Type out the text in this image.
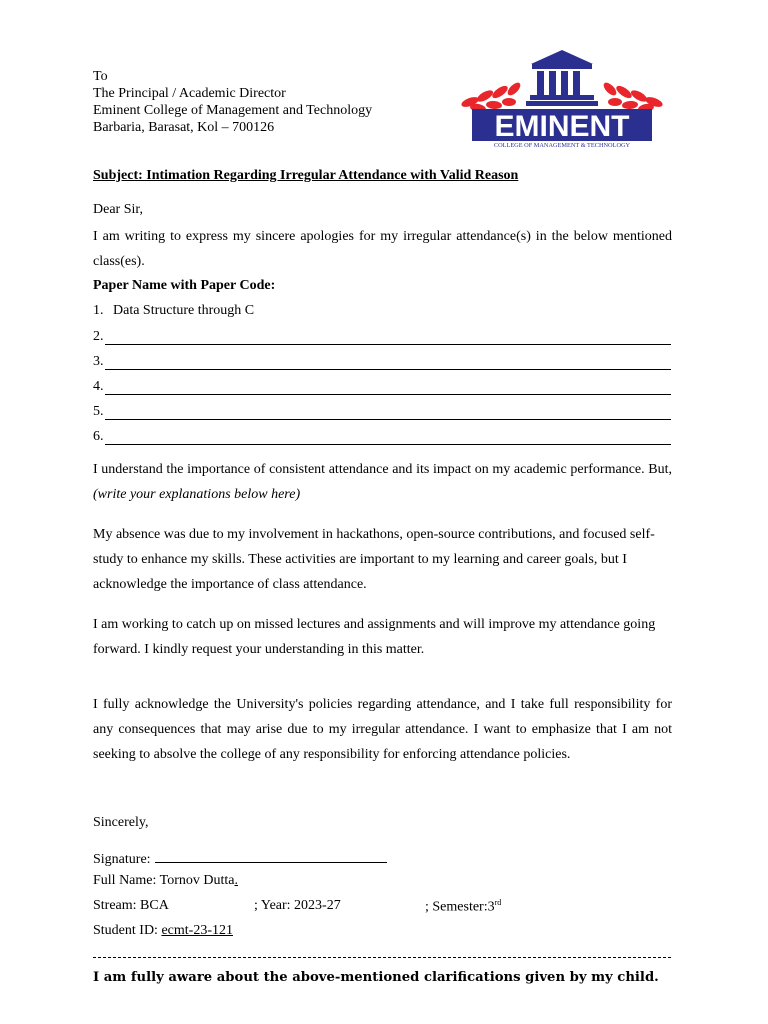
To
The Principal / Academic Director
Eminent College of Management and Technology
Barbaria, Barasat, Kol – 700126	EMINENT
COLLEGE OF MANAGEMENT & TECHNOLOGY
Subject: Intimation Regarding Irregular Attendance with Valid Reason
Dear Sir,
I am writing to express my sincere apologies for my irregular attendance(s) in the below mentioned class(es).
Paper Name with Paper Code:
1. Data Structure through C
2.
3.
4.
5.
6.
I understand the importance of consistent attendance and its impact on my academic performance. But, (write your explanations below here)
My absence was due to my involvement in hackathons, open-source contributions, and focused self-study to enhance my skills. These activities are important to my learning and career goals, but I acknowledge the importance of class attendance.
I am working to catch up on missed lectures and assignments and will improve my attendance going forward. I kindly request your understanding in this matter.
I fully acknowledge the University's policies regarding attendance, and I take full responsibility for any consequences that may arise due to my irregular attendance. I want to emphasize that I am not seeking to absolve the college of any responsibility for enforcing attendance policies.
Sincerely,
Signature:
Full Name: Tornov Dutta.
Stream: BCA	; Year: 2023-27	; Semester:3rd
Student ID: ecmt-23-121
I am fully aware about the above-mentioned clarifications given by my child.
